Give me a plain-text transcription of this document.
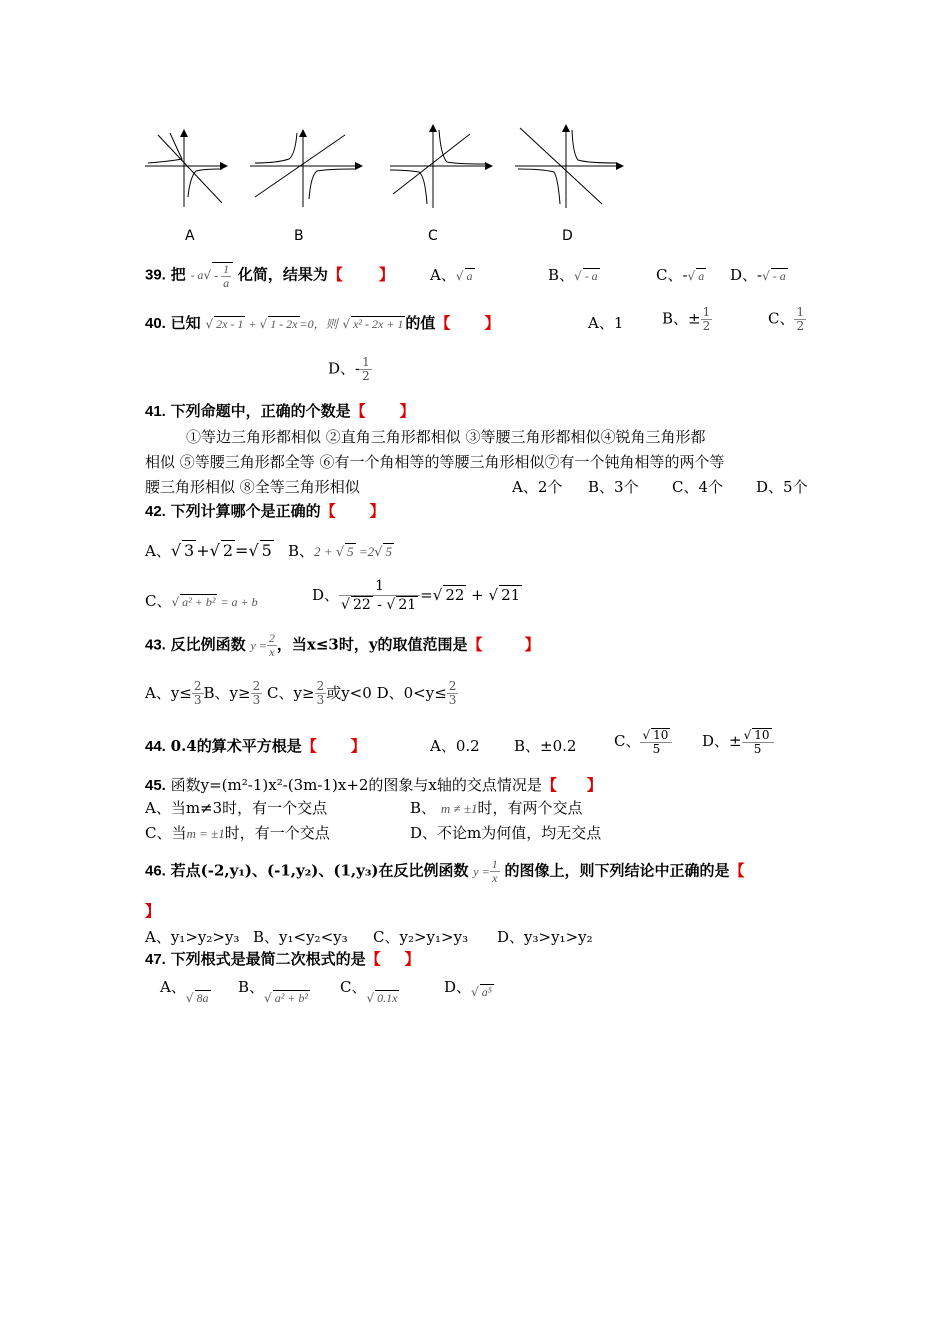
A	B	C	D
39. 把 - $a√ - \frac{1}{a}$ 化简，结果为【 】 A、√ a	B、√ - a	C、-√ a D、-√ - a
40. 已知 √ 2x - 1 + √ 1 - 2x =0，则 √ x² - 2x + 1 的值【 】	A、1	B、± $\frac{1}{2}$	C、 $\frac{1}{2}$
D、- $\frac{1}{2}$
41. 下列命题中，正确的个数是【 】
①等边三角形都相似 ②直角三角形都相似 ③等腰三角形都相似④锐角三角形都
相似 ⑤等腰三角形都全等 ⑥有一个角相等的等腰三角形相似⑦有一个钝角相等的两个等
腰三角形相似 ⑧全等三角形相似	A、2个 B、3个 C、4个 D、5个
42. 下列计算哪个是正确的【 】
A、√ 3 +√ 2 =√ 5 B、2 + √ 5 =2√ 5
C、√ a² + b² = a + b	D、 $\frac{1}{√ 22 - √ 21}$ =√ 22 + √ 21
43. 反比例函数 $y = \frac{2}{x}$ ，当x≤3时，y的取值范围是【	】
A、$y\le \frac{2}{3}$ B、$y\ge \frac{2}{3}$ C、$y\ge \frac{2}{3}$ 或y<0 D、$0<y\le \frac{2}{3}$
44. 0.4的算术平方根是【 】	A、0.2 B、±0.2	C、 $\frac{√ 10}{5}$ D、± $\frac{√ 10}{5}$
45. 函数y=(m²-1)x²-(3m-1)x+2的图象与x轴的交点情况是【 】
A、当m≠3时，有一个交点	B、 m ≠ ±1时，有两个交点
C、当m = ±1时，有一个交点	D、不论m为何值，均无交点
46. 若点(-2,y₁)、(-1,y₂)、(1,y₃)在反比例函数 $y = \frac{1}{x}$ 的图像上，则下列结论中正确的是【
】
A、y₁>y₂>y₃ B、y₁<y₂<y₃ C、y₂>y₁>y₃ D、y₃>y₁>y₂
47. 下列根式是最简二次根式的是【 】
A、$_{√ 8a}$
B、$_{√ a^2 + b^2}$
C、$_{√ 0.1x}$
D、$_{√ a^5}$
